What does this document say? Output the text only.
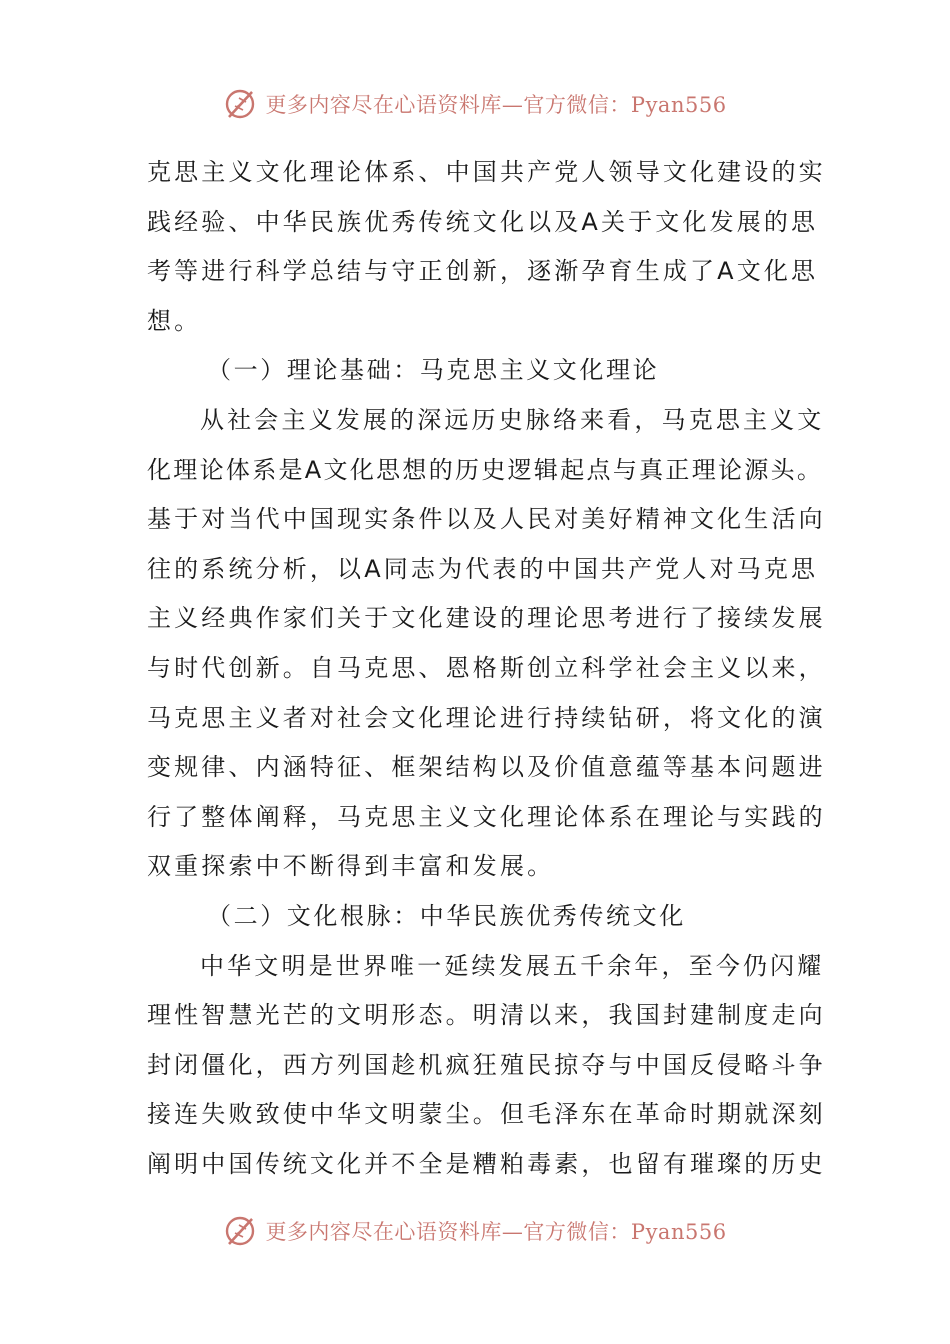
更多内容尽在心语资料库—官方微信：Pyan556
克思主义文化理论体系、中国共产党人领导文化建设的实
践经验、中华民族优秀传统文化以及A关于文化发展的思
考等进行科学总结与守正创新，逐渐孕育生成了A文化思
想。
（一）理论基础：马克思主义文化理论
从社会主义发展的深远历史脉络来看，马克思主义文
化理论体系是A文化思想的历史逻辑起点与真正理论源头。
基于对当代中国现实条件以及人民对美好精神文化生活向
往的系统分析，以A同志为代表的中国共产党人对马克思
主义经典作家们关于文化建设的理论思考进行了接续发展
与时代创新。自马克思、恩格斯创立科学社会主义以来，
马克思主义者对社会文化理论进行持续钻研，将文化的演
变规律、内涵特征、框架结构以及价值意蕴等基本问题进
行了整体阐释，马克思主义文化理论体系在理论与实践的
双重探索中不断得到丰富和发展。
（二）文化根脉：中华民族优秀传统文化
中华文明是世界唯一延续发展五千余年，至今仍闪耀
理性智慧光芒的文明形态。明清以来，我国封建制度走向
封闭僵化，西方列国趁机疯狂殖民掠夺与中国反侵略斗争
接连失败致使中华文明蒙尘。但毛泽东在革命时期就深刻
阐明中国传统文化并不全是糟粕毒素，也留有璀璨的历史
更多内容尽在心语资料库—官方微信：Pyan556
